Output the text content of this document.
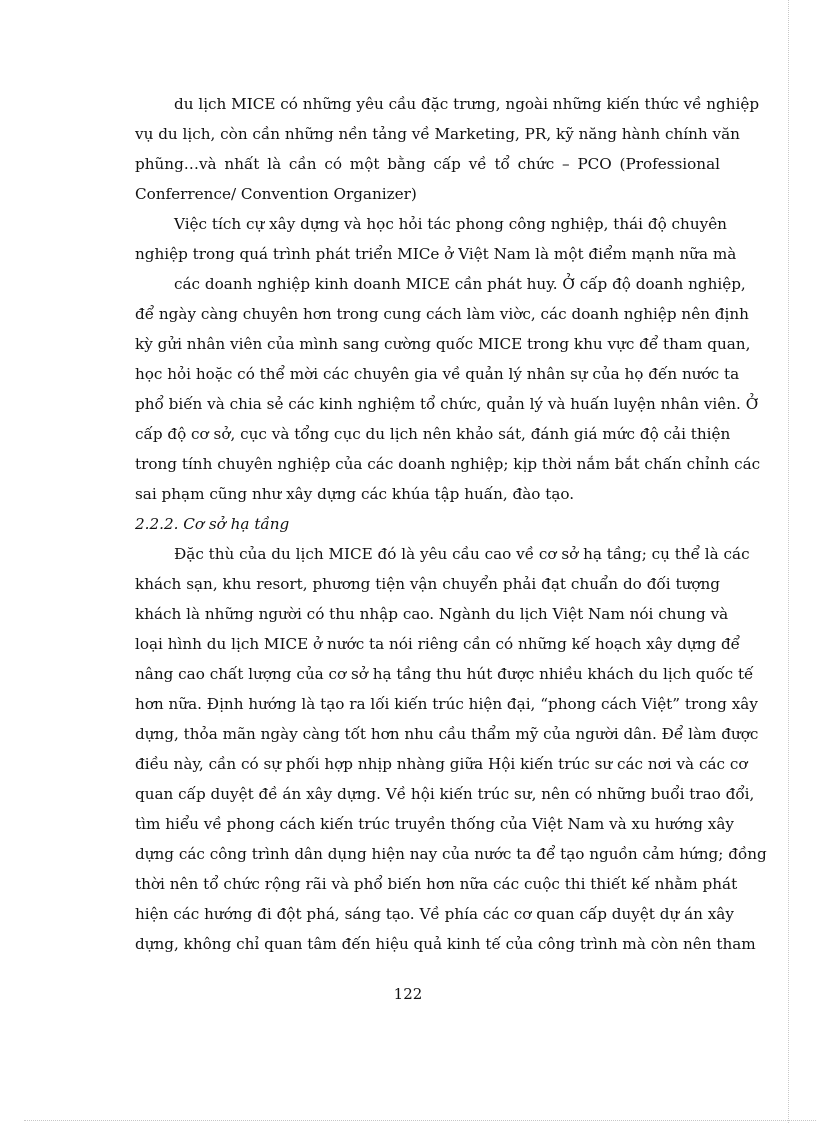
du lịch MICE có những yêu cầu đặc trưng, ngoài những kiến thức về nghiệp
vụ du lịch, còn cần những nền tảng về Marketing, PR, kỹ năng hành chính văn
phũng…và nhất là cần có một bằng cấp về tổ chức – PCO (Professional
Conferrence/ Convention Organizer)
Việc tích cự xây dựng và học hỏi tác phong công nghiệp, thái độ chuyên
nghiệp trong quá trình phát triển MICe ở Việt Nam là một điểm mạnh nữa mà
các doanh nghiệp kinh doanh MICE cần phát huy. Ở cấp độ doanh nghiệp,
để ngày càng chuyên hơn trong cung cách làm viờc, các doanh nghiệp nên định
kỳ gửi nhân viên của mình sang cường quốc MICE trong khu vực để tham quan,
học hỏi hoặc có thể mời các chuyên gia về quản lý nhân sự của họ đến nước ta
phổ biến và chia sẻ các kinh nghiệm tổ chức, quản lý và huấn luyện nhân viên. Ở
cấp độ cơ sở, cục và tổng cục du lịch nên khảo sát, đánh giá mức độ cải thiện
trong tính chuyên nghiệp của các doanh nghiệp; kịp thời nắm bắt chấn chỉnh các
sai phạm cũng như xây dựng các khúa tập huấn, đào tạo.
2.2.2. Cơ sở hạ tầng
Đặc thù của du lịch MICE đó là yêu cầu cao về cơ sở hạ tầng; cụ thể là các
khách sạn, khu resort, phương tiện vận chuyển phải đạt chuẩn do đối tượng
khách là những người có thu nhập cao. Ngành du lịch Việt Nam nói chung và
loại hình du lịch MICE ở nước ta nói riêng cần có những kế hoạch xây dựng để
nâng cao chất lượng của cơ sở hạ tầng thu hút được nhiều khách du lịch quốc tế
hơn nữa. Định hướng là tạo ra lối kiến trúc hiện đại, “phong cách Việt” trong xây
dựng, thỏa mãn ngày càng tốt hơn nhu cầu thẩm mỹ của người dân. Để làm được
điều này, cần có sự phối hợp nhịp nhàng giữa Hội kiến trúc sư các nơi và các cơ
quan cấp duyệt đề án xây dựng. Về hội kiến trúc sư, nên có những buổi trao đổi,
tìm hiểu về phong cách kiến trúc truyền thống của Việt Nam và xu hướng xây
dựng các công trình dân dụng hiện nay của nước ta để tạo nguồn cảm hứng; đồng
thời nên tổ chức rộng rãi và phổ biến hơn nữa các cuộc thi thiết kế nhằm phát
hiện các hướng đi đột phá, sáng tạo. Về phía các cơ quan cấp duyệt dự án xây
dựng, không chỉ quan tâm đến hiệu quả kinh tế của công trình mà còn nên tham
122
